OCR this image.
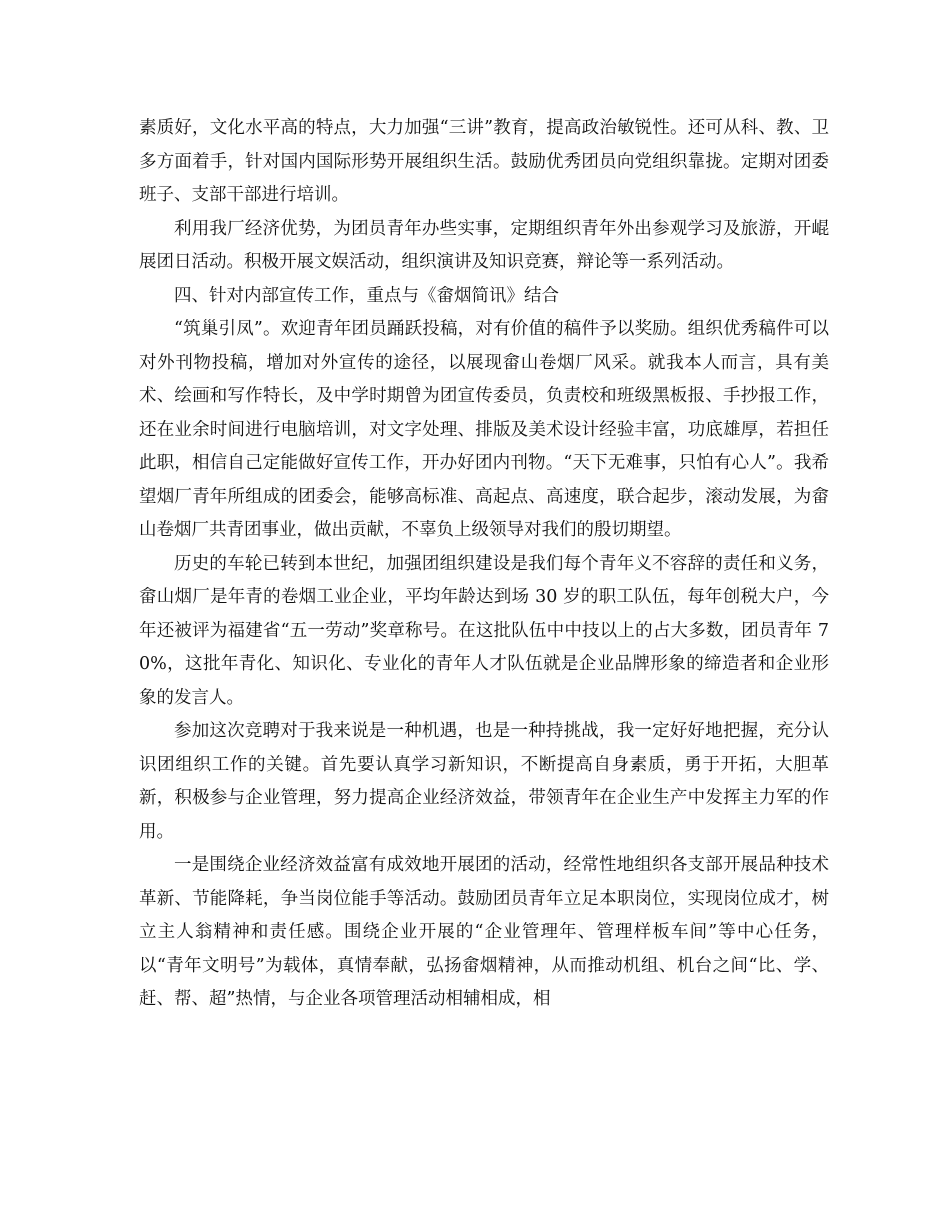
素质好，文化水平高的特点，大力加强“三讲”教育，提高政治敏锐性。还可从科、教、卫多方面着手，针对国内国际形势开展组织生活。鼓励优秀团员向党组织靠拢。定期对团委班子、支部干部进行培训。

利用我厂经济优势，为团员青年办些实事，定期组织青年外出参观学习及旅游，开崐展团日活动。积极开展文娱活动，组织演讲及知识竞赛，辩论等一系列活动。

四、针对内部宣传工作，重点与《畲烟简讯》结合

“筑巢引凤”。欢迎青年团员踊跃投稿，对有价值的稿件予以奖励。组织优秀稿件可以对外刊物投稿，增加对外宣传的途径，以展现畲山卷烟厂风采。就我本人而言，具有美术、绘画和写作特长，及中学时期曾为团宣传委员，负责校和班级黑板报、手抄报工作，还在业余时间进行电脑培训，对文字处理、排版及美术设计经验丰富，功底雄厚，若担任此职，相信自己定能做好宣传工作，开办好团内刊物。“天下无难事，只怕有心人”。我希望烟厂青年所组成的团委会，能够高标准、高起点、高速度，联合起步，滚动发展，为畲山卷烟厂共青团事业，做出贡献，不辜负上级领导对我们的殷切期望。

历史的车轮已转到本世纪，加强团组织建设是我们每个青年义不容辞的责任和义务，畲山烟厂是年青的卷烟工业企业，平均年龄达到场 30 岁的职工队伍，每年创税大户，今年还被评为福建省“五一劳动”奖章称号。在这批队伍中中技以上的占大多数，团员青年 70%，这批年青化、知识化、专业化的青年人才队伍就是企业品牌形象的缔造者和企业形象的发言人。

参加这次竞聘对于我来说是一种机遇，也是一种持挑战，我一定好好地把握，充分认识团组织工作的关键。首先要认真学习新知识，不断提高自身素质，勇于开拓，大胆革新，积极参与企业管理，努力提高企业经济效益，带领青年在企业生产中发挥主力军的作用。

一是围绕企业经济效益富有成效地开展团的活动，经常性地组织各支部开展品种技术革新、节能降耗，争当岗位能手等活动。鼓励团员青年立足本职岗位，实现岗位成才，树立主人翁精神和责任感。围绕企业开展的“企业管理年、管理样板车间”等中心任务，以“青年文明号”为载体，真情奉献，弘扬畲烟精神，从而推动机组、机台之间“比、学、赶、帮、超”热情，与企业各项管理活动相辅相成，相
